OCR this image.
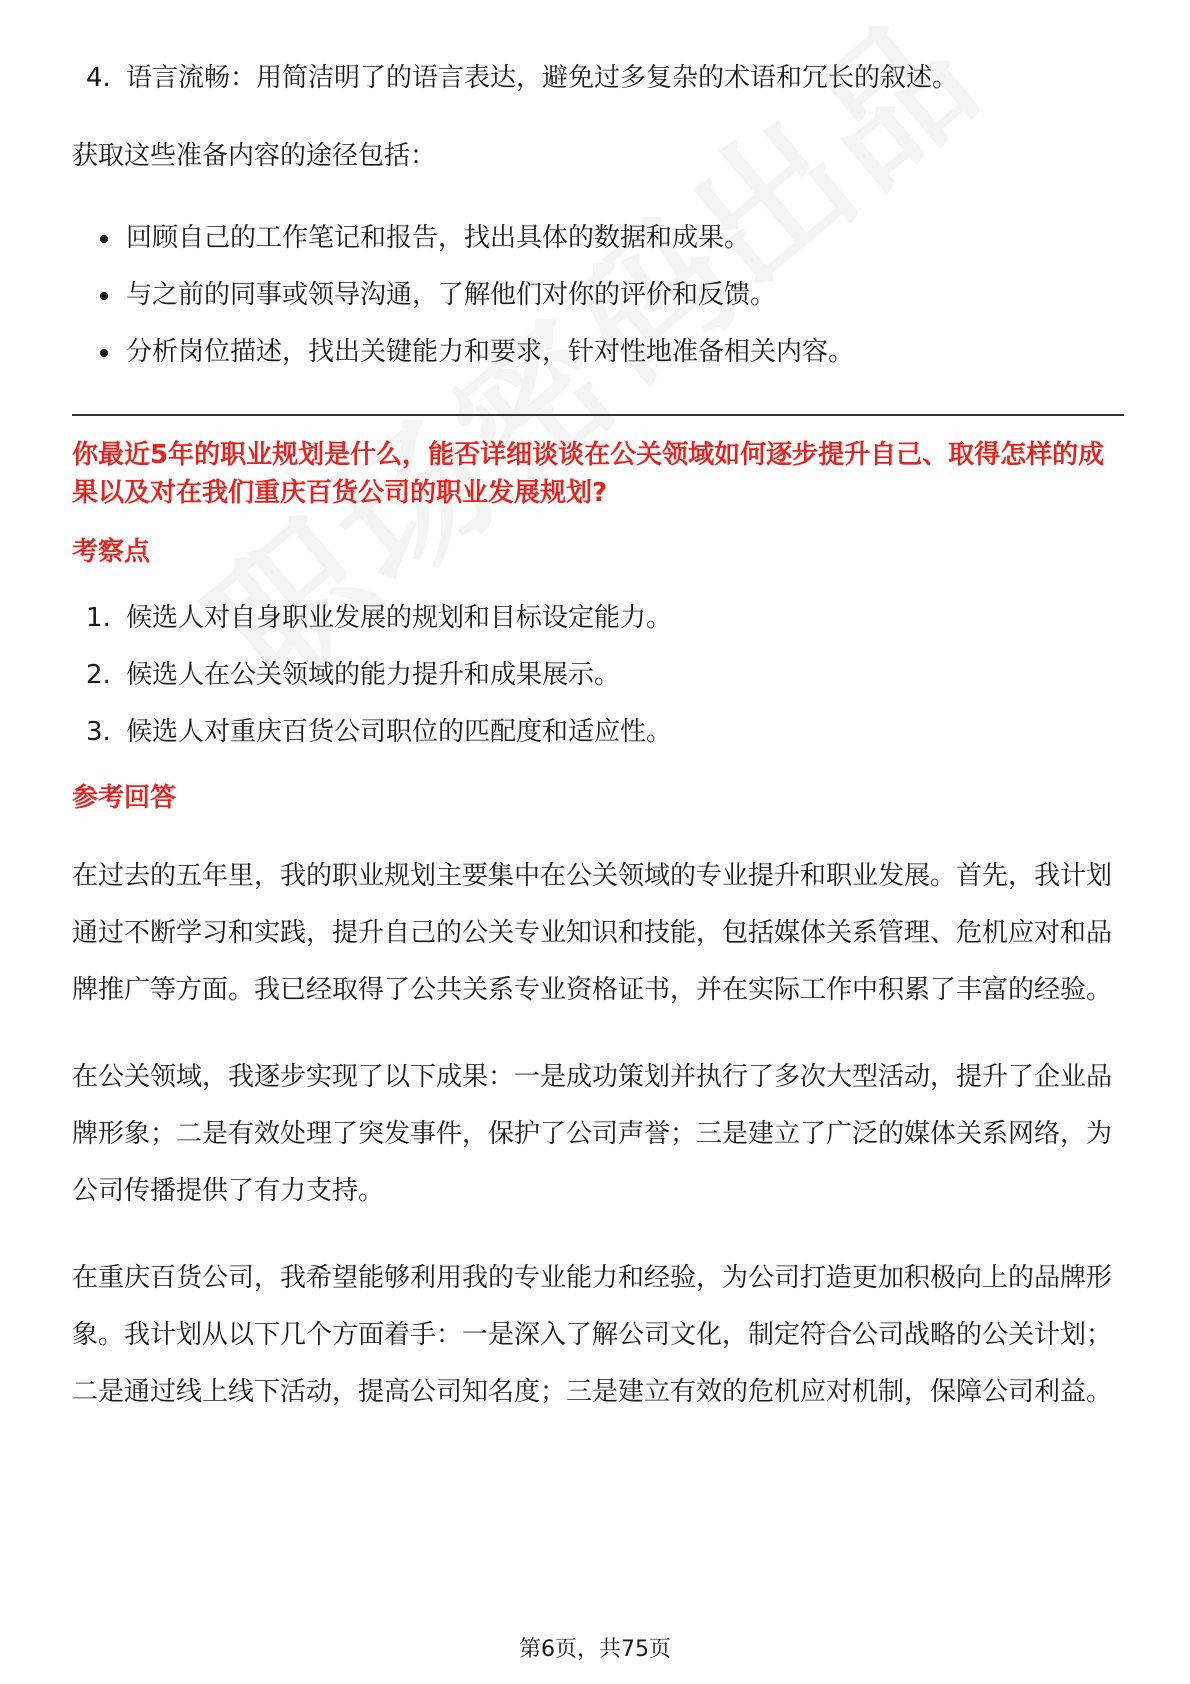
4. 语言流畅：用简洁明了的语言表达，避免过多复杂的术语和冗长的叙述。

获取这些准备内容的途径包括：

回顾自己的工作笔记和报告，找出具体的数据和成果。
与之前的同事或领导沟通，了解他们对你的评价和反馈。
分析岗位描述，找出关键能力和要求，针对性地准备相关内容。
你最近5年的职业规划是什么，能否详细谈谈在公关领域如何逐步提升自己、取得怎样的成果以及对在我们重庆百货公司的职业发展规划?
考察点
1. 候选人对自身职业发展的规划和目标设定能力。
2. 候选人在公关领域的能力提升和成果展示。
3. 候选人对重庆百货公司职位的匹配度和适应性。
参考回答

在过去的五年里，我的职业规划主要集中在公关领域的专业提升和职业发展。首先，我计划通过不断学习和实践，提升自己的公关专业知识和技能，包括媒体关系管理、危机应对和品牌推广等方面。我已经取得了公共关系专业资格证书，并在实际工作中积累了丰富的经验。

在公关领域，我逐步实现了以下成果：一是成功策划并执行了多次大型活动，提升了企业品牌形象；二是有效处理了突发事件，保护了公司声誉；三是建立了广泛的媒体关系网络，为公司传播提供了有力支持。

在重庆百货公司，我希望能够利用我的专业能力和经验，为公司打造更加积极向上的品牌形象。我计划从以下几个方面着手：一是深入了解公司文化，制定符合公司战略的公关计划；二是通过线上线下活动，提高公司知名度；三是建立有效的危机应对机制，保障公司利益。

第6页，共75页
